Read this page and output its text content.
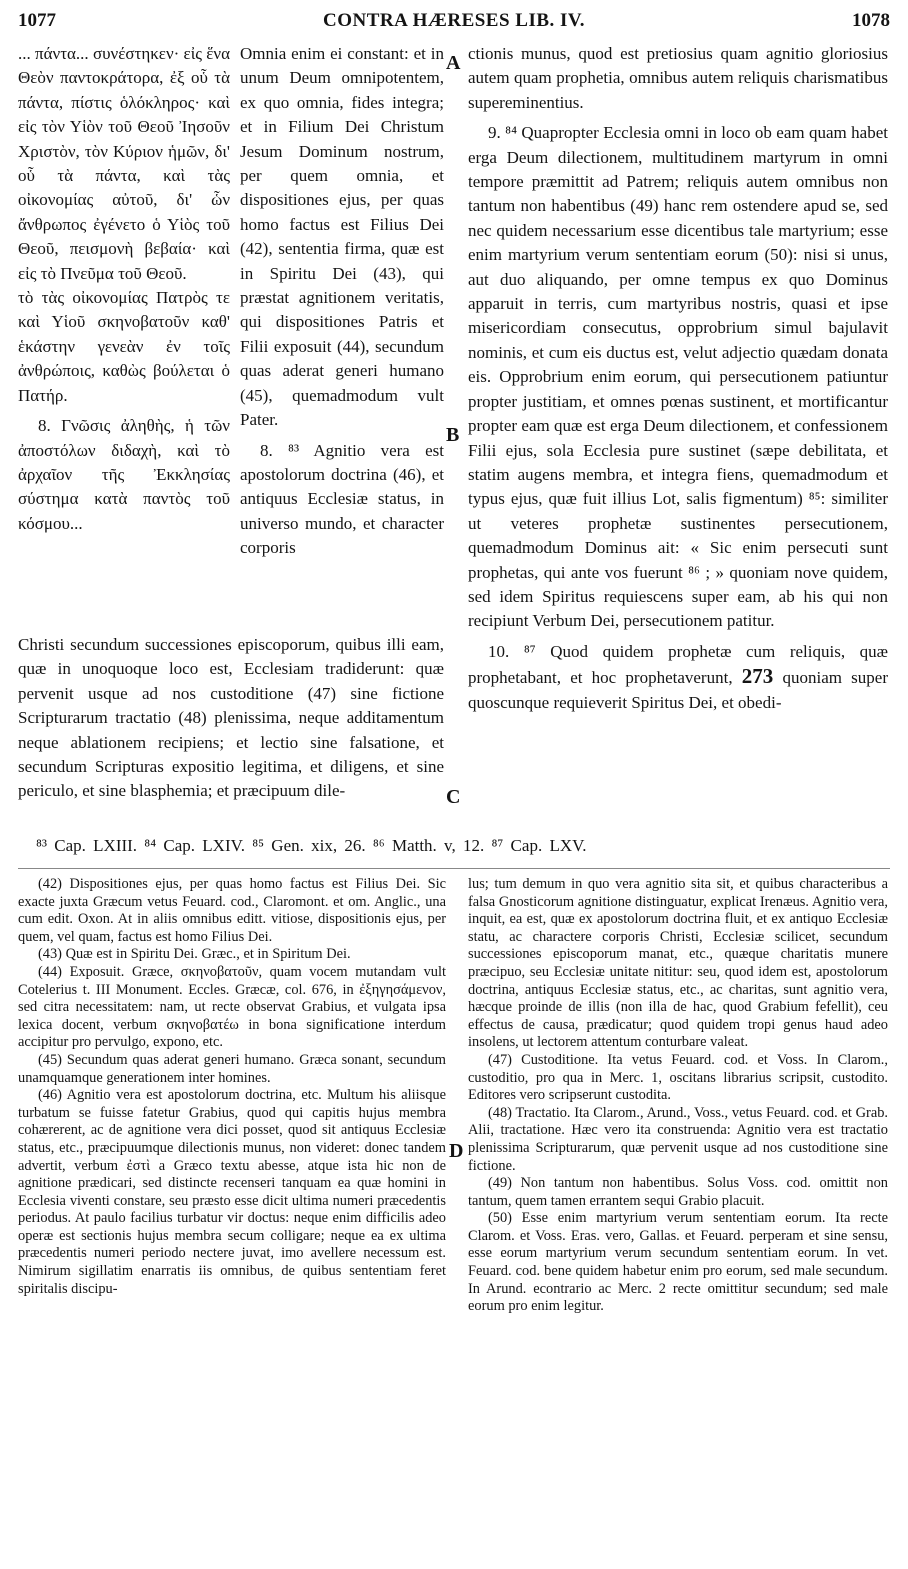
1077	CONTRA HÆRESES LIB. IV.	1078

... πάντα... συνέστηκεν· εἰς ἕνα Θεὸν παντοκράτορα, ἐξ οὗ τὰ πάντα, πίστις ὁλόκληρος· καὶ εἰς τὸν Υἱὸν τοῦ Θεοῦ Ἰησοῦν Χριστὸν, τὸν Κύριον ἡμῶν, δι' οὗ τὰ πάντα, καὶ τὰς οἰκονομίας αὐτοῦ, δι' ὧν ἄνθρωπος ἐγένετο ὁ Υἱὸς τοῦ Θεοῦ, πεισμονὴ βεβαία· καὶ εἰς τὸ Πνεῦμα τοῦ Θεοῦ.

τὸ τὰς οἰκονομίας Πατρὸς τε καὶ Υἱοῦ σκηνοβατοῦν καθ' ἑκάστην γενεὰν ἐν τοῖς ἀνθρώποις, καθὼς βούλεται ὁ Πατήρ.

8. Γνῶσις ἀληθὴς, ἡ τῶν ἀποστόλων διδαχὴ, καὶ τὸ ἀρχαῖον τῆς Ἐκκλησίας σύστημα κατὰ παντὸς τοῦ κόσμου...

Omnia enim ei constant: et in unum Deum omnipotentem, ex quo omnia, fides integra; et in Filium Dei Christum Jesum Dominum nostrum, per quem omnia, et dispositiones ejus, per quas homo factus est Filius Dei (42), sententia firma, quæ est in Spiritu Dei (43), qui præstat agnitionem veritatis, qui dispositiones Patris et Filii exposuit (44), secundum quas aderat generi humano (45), quemadmodum vult Pater.

8. ⁸³ Agnitio vera est apostolorum doctrina (46), et antiquus Ecclesiæ status, in universo mundo, et character corporis

Christi secundum successiones episcoporum, quibus illi eam, quæ in unoquoque loco est, Ecclesiam tradiderunt: quæ pervenit usque ad nos custoditione (47) sine fictione Scripturarum tractatio (48) plenissima, neque additamentum neque ablationem recipiens; et lectio sine falsatione, et secundum Scripturas expositio legitima, et diligens, et sine periculo, et sine blasphemia; et præcipuum dile-

ctionis munus, quod est pretiosius quam agnitio gloriosius autem quam prophetia, omnibus autem reliquis charismatibus supereminentius.

9. ⁸⁴ Quapropter Ecclesia omni in loco ob eam quam habet erga Deum dilectionem, multitudinem martyrum in omni tempore præmittit ad Patrem; reliquis autem omnibus non tantum non habentibus (49) hanc rem ostendere apud se, sed nec quidem necessarium esse dicentibus tale martyrium; esse enim martyrium verum sententiam eorum (50): nisi si unus, aut duo aliquando, per omne tempus ex quo Dominus apparuit in terris, cum martyribus nostris, quasi et ipse misericordiam consecutus, opprobrium simul bajulavit nominis, et cum eis ductus est, velut adjectio quædam donata eis. Opprobrium enim eorum, qui persecutionem patiuntur propter justitiam, et omnes pœnas sustinent, et mortificantur propter eam quæ est erga Deum dilectionem, et confessionem Filii ejus, sola Ecclesia pure sustinet (sæpe debilitata, et statim augens membra, et integra fiens, quemadmodum et typus ejus, quæ fuit illius Lot, salis figmentum) ⁸⁵: similiter ut veteres prophetæ sustinentes persecutionem, quemadmodum Dominus ait: « Sic enim persecuti sunt prophetas, qui ante vos fuerunt ⁸⁶ ; » quoniam nove quidem, sed idem Spiritus requiescens super eam, ab his qui non recipiunt Verbum Dei, persecutionem patitur.

10. ⁸⁷ Quod quidem prophetæ cum reliquis, quæ prophetabant, et hoc prophetaverunt, 273 quoniam super quoscunque requieverit Spiritus Dei, et obedi-

A
B
C
D
⁸³ Cap. LXIII. ⁸⁴ Cap. LXIV. ⁸⁵ Gen. xix, 26. ⁸⁶ Matth. v, 12. ⁸⁷ Cap. LXV.

(42) Dispositiones ejus, per quas homo factus est Filius Dei. Sic exacte juxta Græcum vetus Feuard. cod., Claromont. et om. Anglic., una cum edit. Oxon. At in aliis omnibus editt. vitiose, dispositionis ejus, per quem, vel quam, factus est homo Filius Dei.

(43) Quæ est in Spiritu Dei. Græc., et in Spiritum Dei.

(44) Exposuit. Græce, σκηνοβατοῦν, quam vocem mutandam vult Cotelerius t. III Monument. Eccles. Græcæ, col. 676, in ἐξηγησάμενον, sed citra necessitatem: nam, ut recte observat Grabius, et vulgata ipsa lexica docent, verbum σκηνοβατέω in bona significatione interdum accipitur pro pervulgo, expono, etc.

(45) Secundum quas aderat generi humano. Græca sonant, secundum unamquamque generationem inter homines.

(46) Agnitio vera est apostolorum doctrina, etc. Multum his aliisque turbatum se fuisse fatetur Grabius, quod qui capitis hujus membra cohærerent, ac de agnitione vera dici posset, quod sit antiquus Ecclesiæ status, etc., præcipuumque dilectionis munus, non videret: donec tandem advertit, verbum ἐστὶ a Græco textu abesse, atque ista hic non de agnitione prædicari, sed distincte recenseri tanquam ea quæ homini in Ecclesia viventi constare, seu præsto esse dicit ultima numeri præcedentis periodus. At paulo facilius turbatur vir doctus: neque enim difficilis adeo operæ est sectionis hujus membra secum colligare; neque ea ex ultima præcedentis numeri periodo nectere juvat, imo avellere necessum est. Nimirum sigillatim enarratis iis omnibus, de quibus sententiam feret spiritalis discipu-

lus; tum demum in quo vera agnitio sita sit, et quibus characteribus a falsa Gnosticorum agnitione distinguatur, explicat Irenæus. Agnitio vera, inquit, ea est, quæ ex apostolorum doctrina fluit, et ex antiquo Ecclesiæ statu, ac charactere corporis Christi, Ecclesiæ scilicet, secundum successiones episcoporum manat, etc., quæque charitatis munere præcipuo, seu Ecclesiæ unitate nititur: seu, quod idem est, apostolorum doctrina, antiquus Ecclesiæ status, etc., ac charitas, sunt agnitio vera, hæcque proinde de illis (non illa de hac, quod Grabium fefellit), ceu effectus de causa, prædicatur; quod quidem tropi genus haud adeo insolens, ut lectorem attentum conturbare valeat.

(47) Custoditione. Ita vetus Feuard. cod. et Voss. In Clarom., custoditio, pro qua in Merc. 1, oscitans librarius scripsit, custodito. Editores vero scripserunt custodita.

(48) Tractatio. Ita Clarom., Arund., Voss., vetus Feuard. cod. et Grab. Alii, tractatione. Hæc vero ita construenda: Agnitio vera est tractatio plenissima Scripturarum, quæ pervenit usque ad nos custoditione sine fictione.

(49) Non tantum non habentibus. Solus Voss. cod. omittit non tantum, quem tamen errantem sequi Grabio placuit.

(50) Esse enim martyrium verum sententiam eorum. Ita recte Clarom. et Voss. Eras. vero, Gallas. et Feuard. perperam et sine sensu, esse eorum martyrium verum secundum sententiam eorum. In vet. Feuard. cod. bene quidem habetur enim pro eorum, sed male secundum. In Arund. econtrario ac Merc. 2 recte omittitur secundum; sed male eorum pro enim legitur.
